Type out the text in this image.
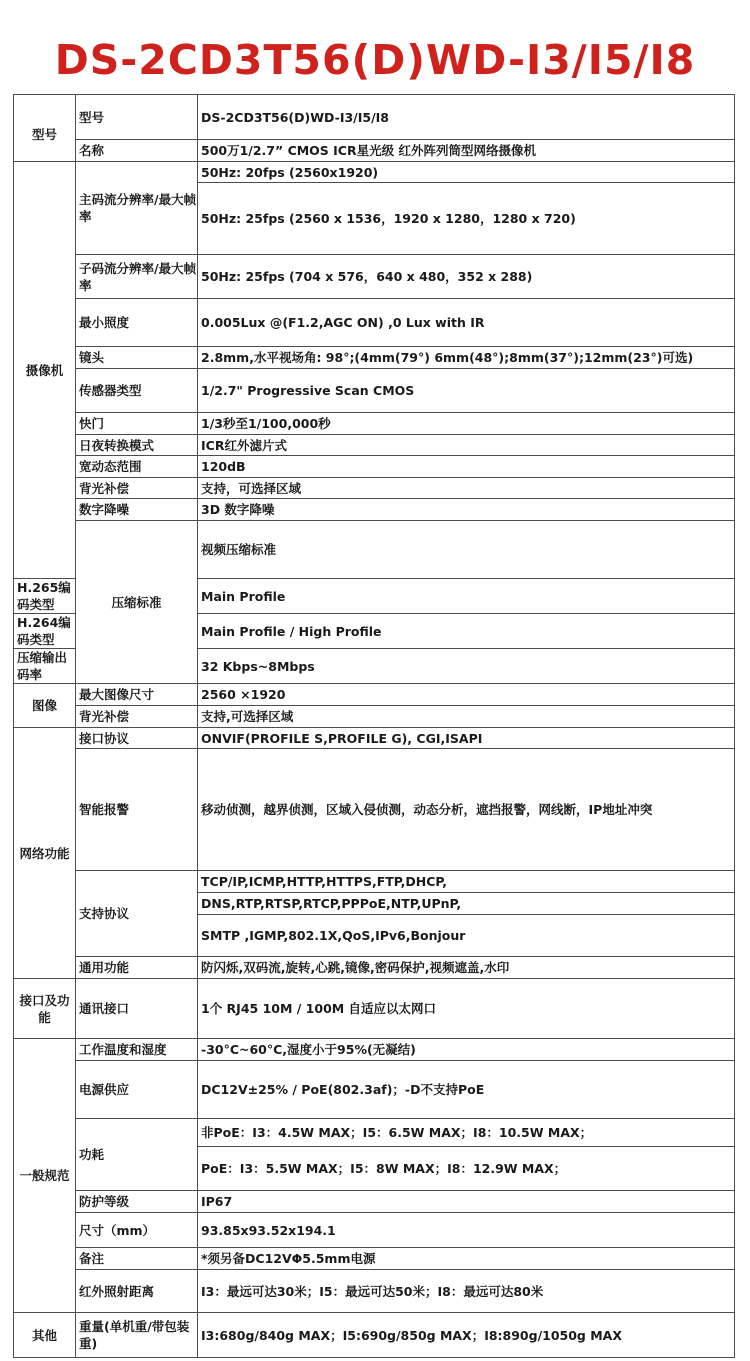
DS-2CD3T56(D)WD-I3/I5/I8
型号	型号	DS-2CD3T56(D)WD-I3/I5/I8	
	名称	500万1/2.7” CMOS ICR星光级 红外阵列筒型网络摄像机	
摄像机	主码流分辨率/最大帧率	50Hz: 20fps (2560x1920)	
		50Hz: 25fps (2560 x 1536，1920 x 1280，1280 x 720)	
	子码流分辨率/最大帧率	50Hz: 25fps (704 x 576，640 x 480，352 x 288)	
	最小照度	0.005Lux @(F1.2,AGC ON) ,0 Lux with IR	
	镜头	2.8mm,水平视场角: 98°;(4mm(79°) 6mm(48°);8mm(37°);12mm(23°)可选)	
	传感器类型	1/2.7" Progressive Scan CMOS	
	快门	1/3秒至1/100,000秒	
	日夜转换模式	ICR红外滤片式	
	宽动态范围	120dB	
	背光补偿	支持，可选择区域	
	数字降噪	3D 数字降噪	
	压缩标准	视频压缩标准	
H.265编码类型		Main Profile	
H.264编码类型		Main Profile / High Profile	
压缩输出码率		32 Kbps~8Mbps	
图像	最大图像尺寸	2560 ×1920	
	背光补偿	支持,可选择区域	
网络功能	接口协议	ONVIF(PROFILE S,PROFILE G), CGI,ISAPI	
	智能报警	移动侦测，越界侦测，区域入侵侦测，动态分析，遮挡报警，网线断，IP地址冲突	
	支持协议	TCP/IP,ICMP,HTTP,HTTPS,FTP,DHCP,	
		DNS,RTP,RTSP,RTCP,PPPoE,NTP,UPnP,	
		SMTP ,IGMP,802.1X,QoS,IPv6,Bonjour	
	通用功能	防闪烁,双码流,旋转,心跳,镜像,密码保护,视频遮盖,水印	
接口及功能	通讯接口	1个 RJ45 10M / 100M 自适应以太网口	
一般规范	工作温度和湿度	-30°C~60°C,湿度小于95%(无凝结)	
	电源供应	DC12V±25% / PoE(802.3af)；-D不支持PoE	
	功耗	非PoE：I3：4.5W MAX；I5：6.5W MAX；I8：10.5W MAX；	
		PoE：I3：5.5W MAX；I5：8W MAX；I8：12.9W MAX；	
	防护等级	IP67	
	尺寸（mm）	93.85x93.52x194.1	
	备注	*须另备DC12VΦ5.5mm电源	
	红外照射距离	I3：最远可达30米；I5：最远可达50米；I8：最远可达80米	
其他	重量(单机重/带包装重)	I3:680g/840g MAX；I5:690g/850g MAX；I8:890g/1050g MAX	
